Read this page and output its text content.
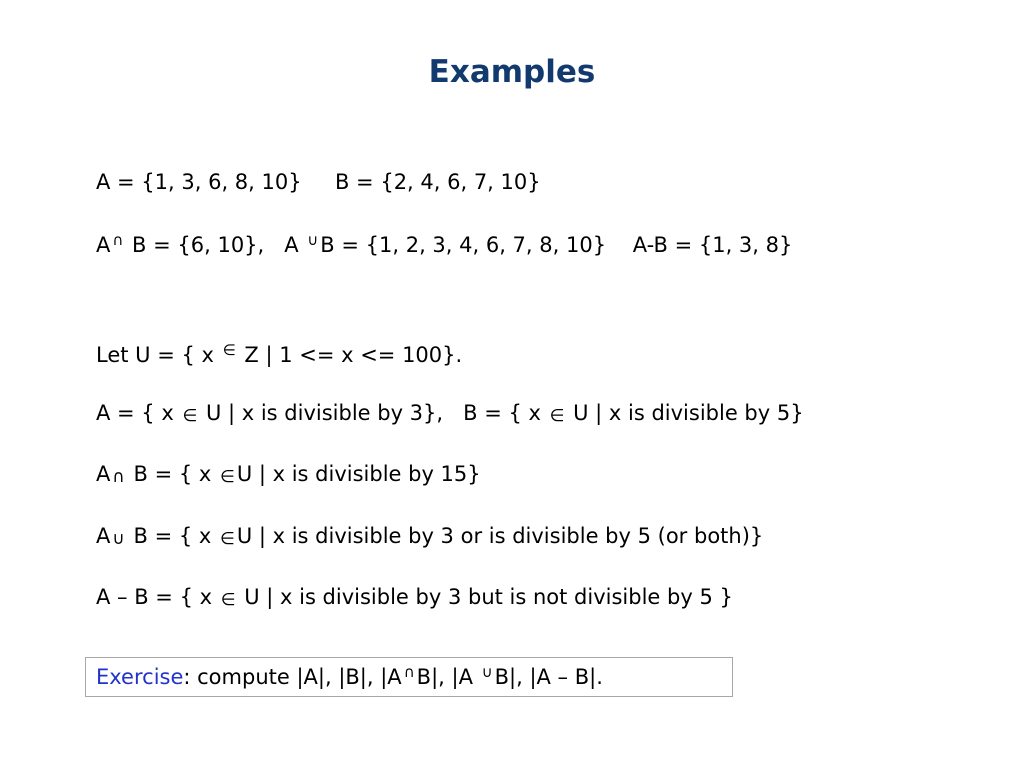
Examples
A = {1, 3, 6, 8, 10}     B = {2, 4, 6, 7, 10}
A ∩ B = {6, 10},   A ∪B = {1, 2, 3, 4, 6, 7, 8, 10}    A-B = {1, 3, 8}
Let U = { x ∈ Z | 1 <= x <= 100}.
A = { x ∈ U | x is divisible by 3},   B = { x ∈ U | x is divisible by 5}
A ∩ B = { x ∈U | x is divisible by 15}
A ∪ B = { x ∈U | x is divisible by 3 or is divisible by 5 (or both)}
A – B = { x ∈ U | x is divisible by 3 but is not divisible by 5 }
Exercise: compute |A|, |B|, |A ∩B|, |A ∪B|, |A – B|.
